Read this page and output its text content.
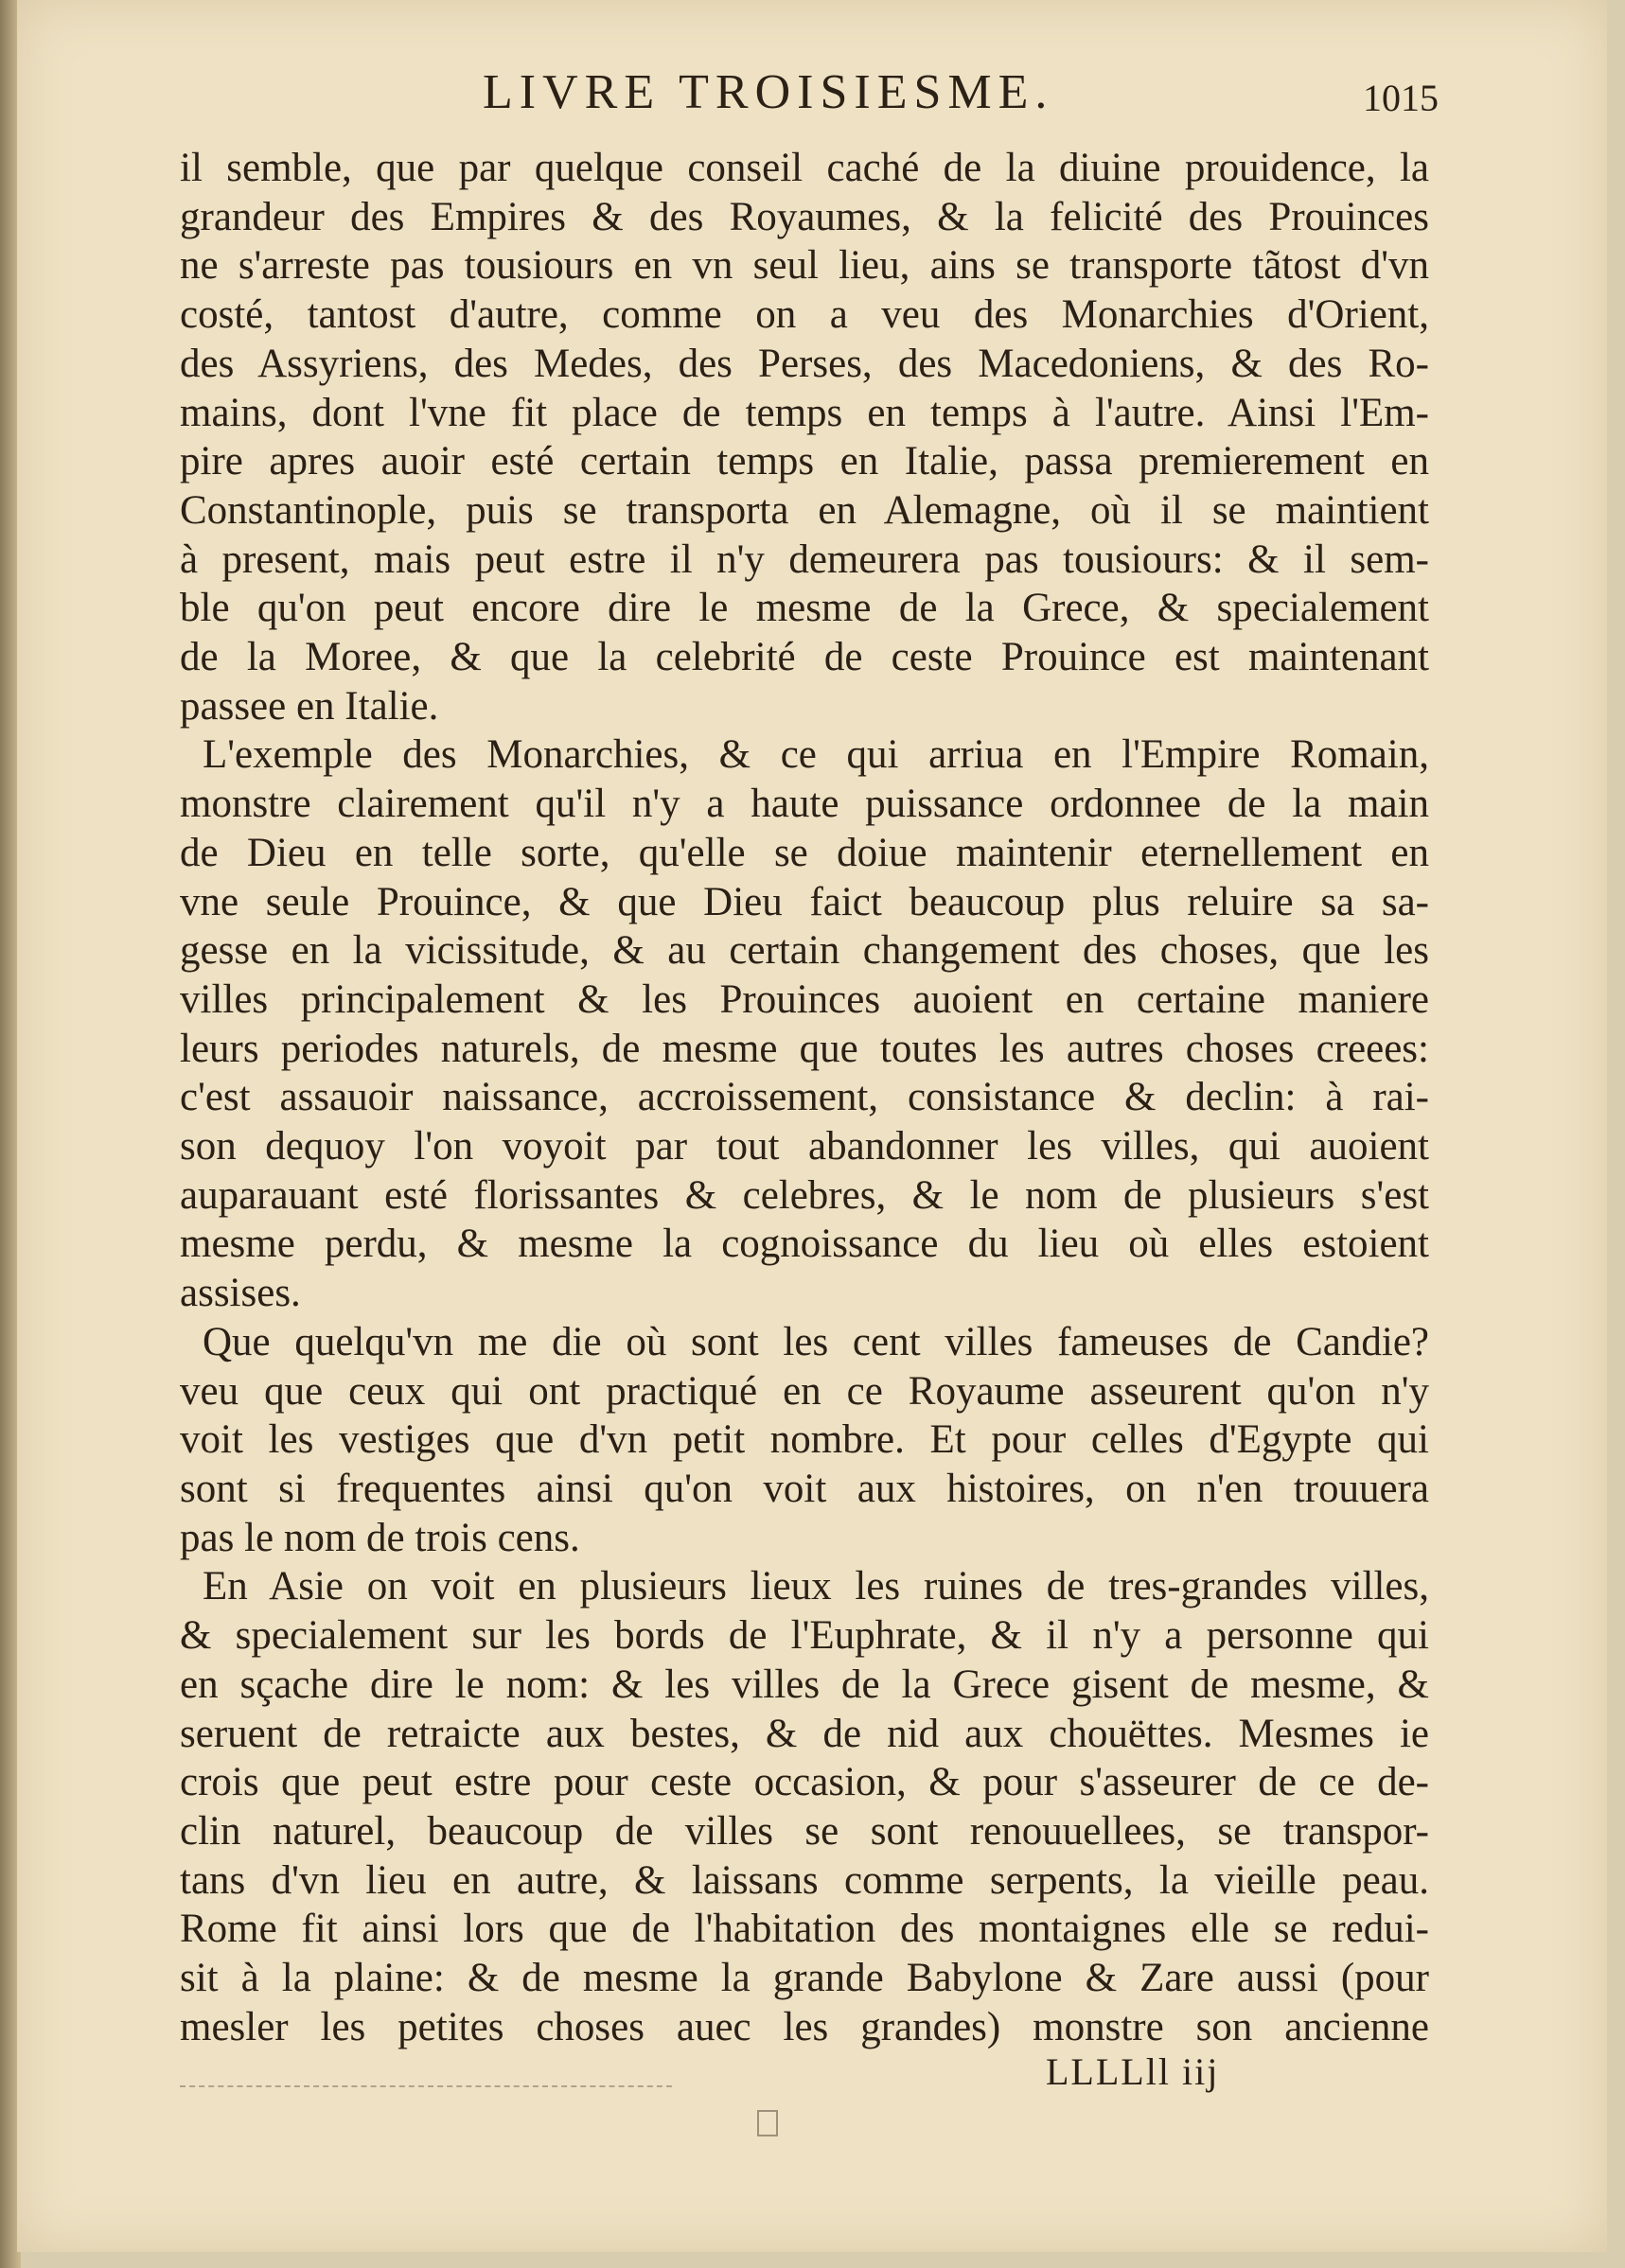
LIVRE TROISIESME.	1015

il semble, que par quelque conseil caché de la diuine prouidence, la
grandeur des Empires & des Royaumes, & la felicité des Prouinces
ne s'arreste pas tousiours en vn seul lieu, ains se transporte tãtost d'vn
costé, tantost d'autre, comme on a veu des Monarchies d'Orient,
des Assyriens, des Medes, des Perses, des Macedoniens, & des Ro-
mains, dont l'vne fit place de temps en temps à l'autre. Ainsi l'Em-
pire apres auoir esté certain temps en Italie, passa premierement en
Constantinople, puis se transporta en Alemagne, où il se maintient
à present, mais peut estre il n'y demeurera pas tousiours: & il sem-
ble qu'on peut encore dire le mesme de la Grece, & specialement
de la Moree, & que la celebrité de ceste Prouince est maintenant
passee en Italie.

L'exemple des Monarchies, & ce qui arriua en l'Empire Romain,
monstre clairement qu'il n'y a haute puissance ordonnee de la main
de Dieu en telle sorte, qu'elle se doiue maintenir eternellement en
vne seule Prouince, & que Dieu faict beaucoup plus reluire sa sa-
gesse en la vicissitude, & au certain changement des choses, que les
villes principalement & les Prouinces auoient en certaine maniere
leurs periodes naturels, de mesme que toutes les autres choses creees:
c'est assauoir naissance, accroissement, consistance & declin: à rai-
son dequoy l'on voyoit par tout abandonner les villes, qui auoient
auparauant esté florissantes & celebres, & le nom de plusieurs s'est
mesme perdu, & mesme la cognoissance du lieu où elles estoient
assises.

Que quelqu'vn me die où sont les cent villes fameuses de Candie?
veu que ceux qui ont practiqué en ce Royaume asseurent qu'on n'y
voit les vestiges que d'vn petit nombre. Et pour celles d'Egypte qui
sont si frequentes ainsi qu'on voit aux histoires, on n'en trouuera
pas le nom de trois cens.

En Asie on voit en plusieurs lieux les ruines de tres-grandes villes,
& specialement sur les bords de l'Euphrate, & il n'y a personne qui
en sçache dire le nom: & les villes de la Grece gisent de mesme, &
seruent de retraicte aux bestes, & de nid aux chouëttes. Mesmes ie
crois que peut estre pour ceste occasion, & pour s'asseurer de ce de-
clin naturel, beaucoup de villes se sont renouuellees, se transpor-
tans d'vn lieu en autre, & laissans comme serpents, la vieille peau.
Rome fit ainsi lors que de l'habitation des montaignes elle se redui-
sit à la plaine: & de mesme la grande Babylone & Zare aussi (pour
mesler les petites choses auec les grandes) monstre son ancienne

LLLLll iij
